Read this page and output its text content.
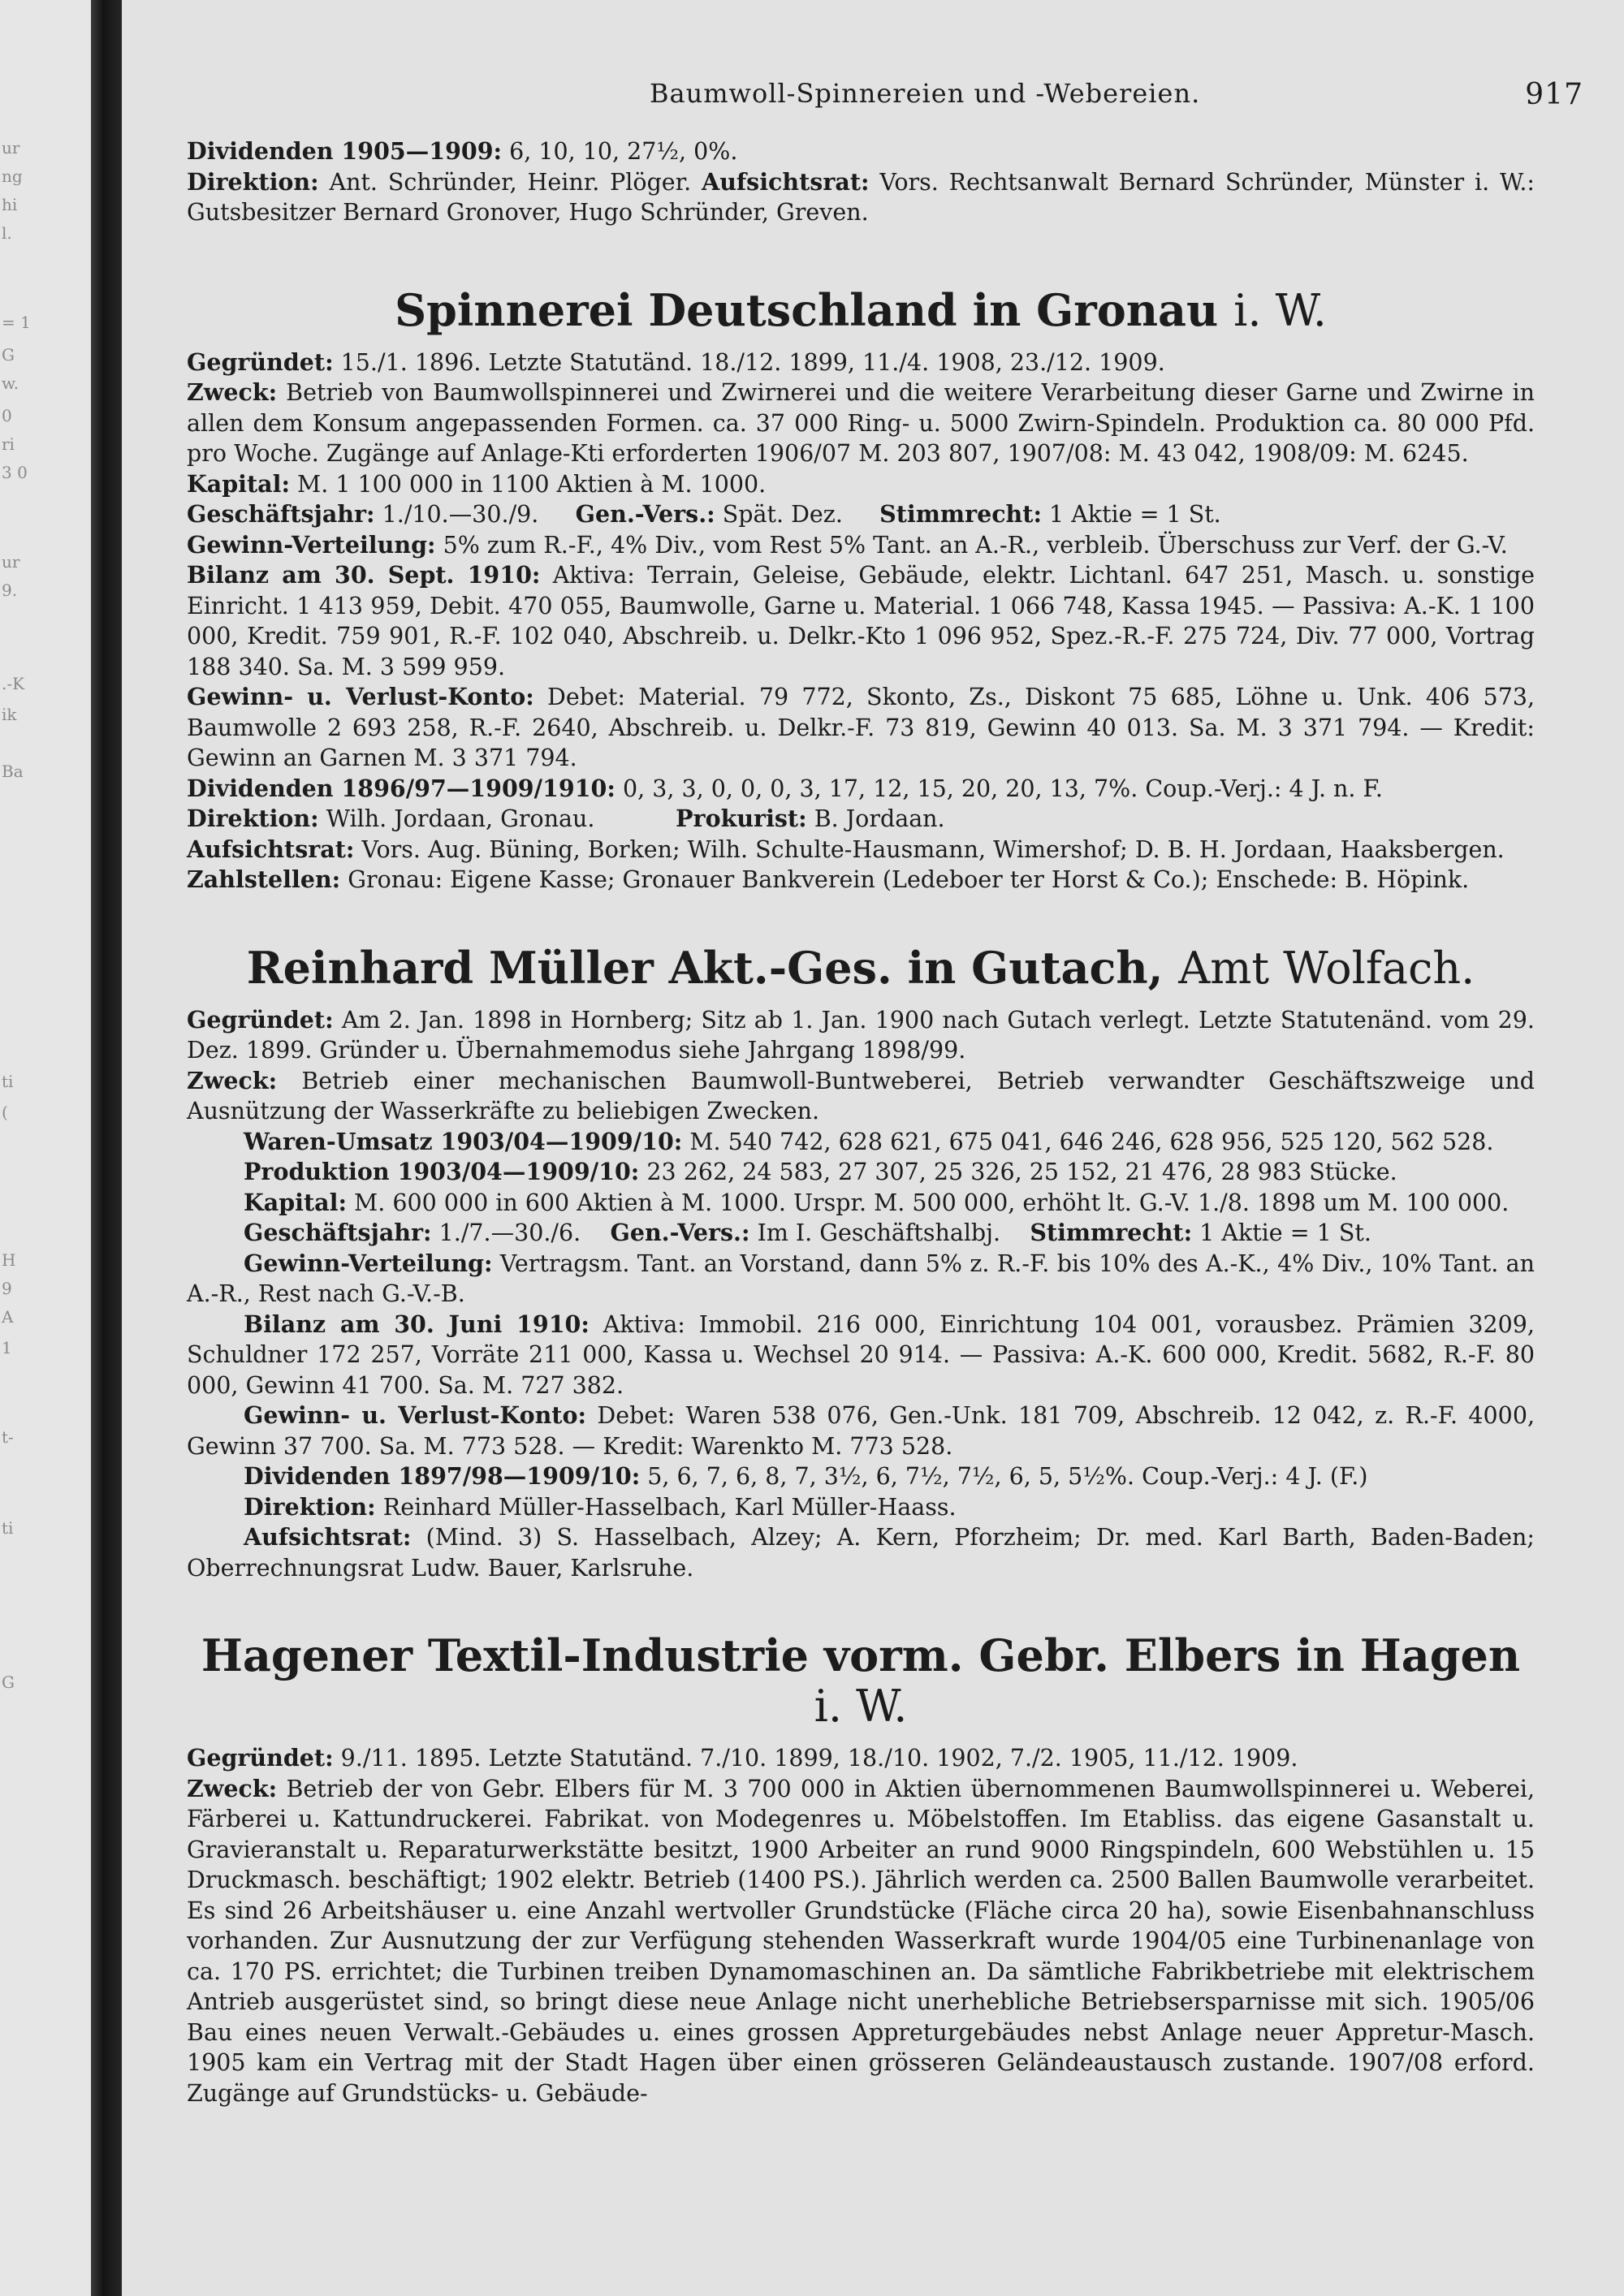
ur
ng
hi
l.
= 1
G
w.
0
ri
3 0
ur
9.
.-K
ik
Ba
ti
(
H
9
A
1
t-
ti
G
Baumwoll-Spinnereien und -Webereien.	917

Dividenden 1905—1909: 6, 10, 10, 27½, 0%.

Direktion: Ant. Schründer, Heinr. Plöger. Aufsichtsrat: Vors. Rechtsanwalt Bernard Schründer, Münster i. W.: Gutsbesitzer Bernard Gronover, Hugo Schründer, Greven.

Spinnerei Deutschland in Gronau i. W.

Gegründet: 15./1. 1896. Letzte Statutänd. 18./12. 1899, 11./4. 1908, 23./12. 1909.

Zweck: Betrieb von Baumwollspinnerei und Zwirnerei und die weitere Verarbeitung dieser Garne und Zwirne in allen dem Konsum angepassenden Formen. ca. 37 000 Ring- u. 5000 Zwirn-Spindeln. Produktion ca. 80 000 Pfd. pro Woche. Zugänge auf Anlage-Kti erforderten 1906/07 M. 203 807, 1907/08: M. 43 042, 1908/09: M. 6245.

Kapital: M. 1 100 000 in 1100 Aktien à M. 1000.

Geschäftsjahr: 1./10.—30./9. Gen.-Vers.: Spät. Dez. Stimmrecht: 1 Aktie = 1 St.

Gewinn-Verteilung: 5% zum R.-F., 4% Div., vom Rest 5% Tant. an A.-R., verbleib. Überschuss zur Verf. der G.-V.

Bilanz am 30. Sept. 1910: Aktiva: Terrain, Geleise, Gebäude, elektr. Lichtanl. 647 251, Masch. u. sonstige Einricht. 1 413 959, Debit. 470 055, Baumwolle, Garne u. Material. 1 066 748, Kassa 1945. — Passiva: A.-K. 1 100 000, Kredit. 759 901, R.-F. 102 040, Abschreib. u. Delkr.-Kto 1 096 952, Spez.-R.-F. 275 724, Div. 77 000, Vortrag 188 340. Sa. M. 3 599 959.

Gewinn- u. Verlust-Konto: Debet: Material. 79 772, Skonto, Zs., Diskont 75 685, Löhne u. Unk. 406 573, Baumwolle 2 693 258, R.-F. 2640, Abschreib. u. Delkr.-F. 73 819, Gewinn 40 013. Sa. M. 3 371 794. — Kredit: Gewinn an Garnen M. 3 371 794.

Dividenden 1896/97—1909/1910: 0, 3, 3, 0, 0, 0, 3, 17, 12, 15, 20, 20, 13, 7%. Coup.-Verj.: 4 J. n. F.

Direktion: Wilh. Jordaan, Gronau.	Prokurist: B. Jordaan.

Aufsichtsrat: Vors. Aug. Büning, Borken; Wilh. Schulte-Hausmann, Wimershof; D. B. H. Jordaan, Haaksbergen.

Zahlstellen: Gronau: Eigene Kasse; Gronauer Bankverein (Ledeboer ter Horst & Co.); Enschede: B. Höpink.

Reinhard Müller Akt.-Ges. in Gutach, Amt Wolfach.

Gegründet: Am 2. Jan. 1898 in Hornberg; Sitz ab 1. Jan. 1900 nach Gutach verlegt. Letzte Statutenänd. vom 29. Dez. 1899. Gründer u. Übernahmemodus siehe Jahrgang 1898/99.

Zweck: Betrieb einer mechanischen Baumwoll-Buntweberei, Betrieb verwandter Geschäftszweige und Ausnützung der Wasserkräfte zu beliebigen Zwecken.

Waren-Umsatz 1903/04—1909/10: M. 540 742, 628 621, 675 041, 646 246, 628 956, 525 120, 562 528.

Produktion 1903/04—1909/10: 23 262, 24 583, 27 307, 25 326, 25 152, 21 476, 28 983 Stücke.

Kapital: M. 600 000 in 600 Aktien à M. 1000. Urspr. M. 500 000, erhöht lt. G.-V. 1./8. 1898 um M. 100 000.

Geschäftsjahr: 1./7.—30./6. Gen.-Vers.: Im I. Geschäftshalbj. Stimmrecht: 1 Aktie = 1 St.

Gewinn-Verteilung: Vertragsm. Tant. an Vorstand, dann 5% z. R.-F. bis 10% des A.-K., 4% Div., 10% Tant. an A.-R., Rest nach G.-V.-B.

Bilanz am 30. Juni 1910: Aktiva: Immobil. 216 000, Einrichtung 104 001, vorausbez. Prämien 3209, Schuldner 172 257, Vorräte 211 000, Kassa u. Wechsel 20 914. — Passiva: A.-K. 600 000, Kredit. 5682, R.-F. 80 000, Gewinn 41 700. Sa. M. 727 382.

Gewinn- u. Verlust-Konto: Debet: Waren 538 076, Gen.-Unk. 181 709, Abschreib. 12 042, z. R.-F. 4000, Gewinn 37 700. Sa. M. 773 528. — Kredit: Warenkto M. 773 528.

Dividenden 1897/98—1909/10: 5, 6, 7, 6, 8, 7, 3½, 6, 7½, 7½, 6, 5, 5½%. Coup.-Verj.: 4 J. (F.)

Direktion: Reinhard Müller-Hasselbach, Karl Müller-Haass.

Aufsichtsrat: (Mind. 3) S. Hasselbach, Alzey; A. Kern, Pforzheim; Dr. med. Karl Barth, Baden-Baden; Oberrechnungsrat Ludw. Bauer, Karlsruhe.

Hagener Textil-Industrie vorm. Gebr. Elbers in Hagen i. W.

Gegründet: 9./11. 1895. Letzte Statutänd. 7./10. 1899, 18./10. 1902, 7./2. 1905, 11./12. 1909.

Zweck: Betrieb der von Gebr. Elbers für M. 3 700 000 in Aktien übernommenen Baumwollspinnerei u. Weberei, Färberei u. Kattundruckerei. Fabrikat. von Modegenres u. Möbelstoffen. Im Etabliss. das eigene Gasanstalt u. Gravieranstalt u. Reparaturwerkstätte besitzt, 1900 Arbeiter an rund 9000 Ringspindeln, 600 Webstühlen u. 15 Druckmasch. beschäftigt; 1902 elektr. Betrieb (1400 PS.). Jährlich werden ca. 2500 Ballen Baumwolle verarbeitet. Es sind 26 Arbeitshäuser u. eine Anzahl wertvoller Grundstücke (Fläche circa 20 ha), sowie Eisenbahnanschluss vorhanden. Zur Ausnutzung der zur Verfügung stehenden Wasserkraft wurde 1904/05 eine Turbinenanlage von ca. 170 PS. errichtet; die Turbinen treiben Dynamomaschinen an. Da sämtliche Fabrikbetriebe mit elektrischem Antrieb ausgerüstet sind, so bringt diese neue Anlage nicht unerhebliche Betriebsersparnisse mit sich. 1905/06 Bau eines neuen Verwalt.-Gebäudes u. eines grossen Appreturgebäudes nebst Anlage neuer Appretur-Masch. 1905 kam ein Vertrag mit der Stadt Hagen über einen grösseren Geländeaustausch zustande. 1907/08 erford. Zugänge auf Grundstücks- u. Gebäude-
